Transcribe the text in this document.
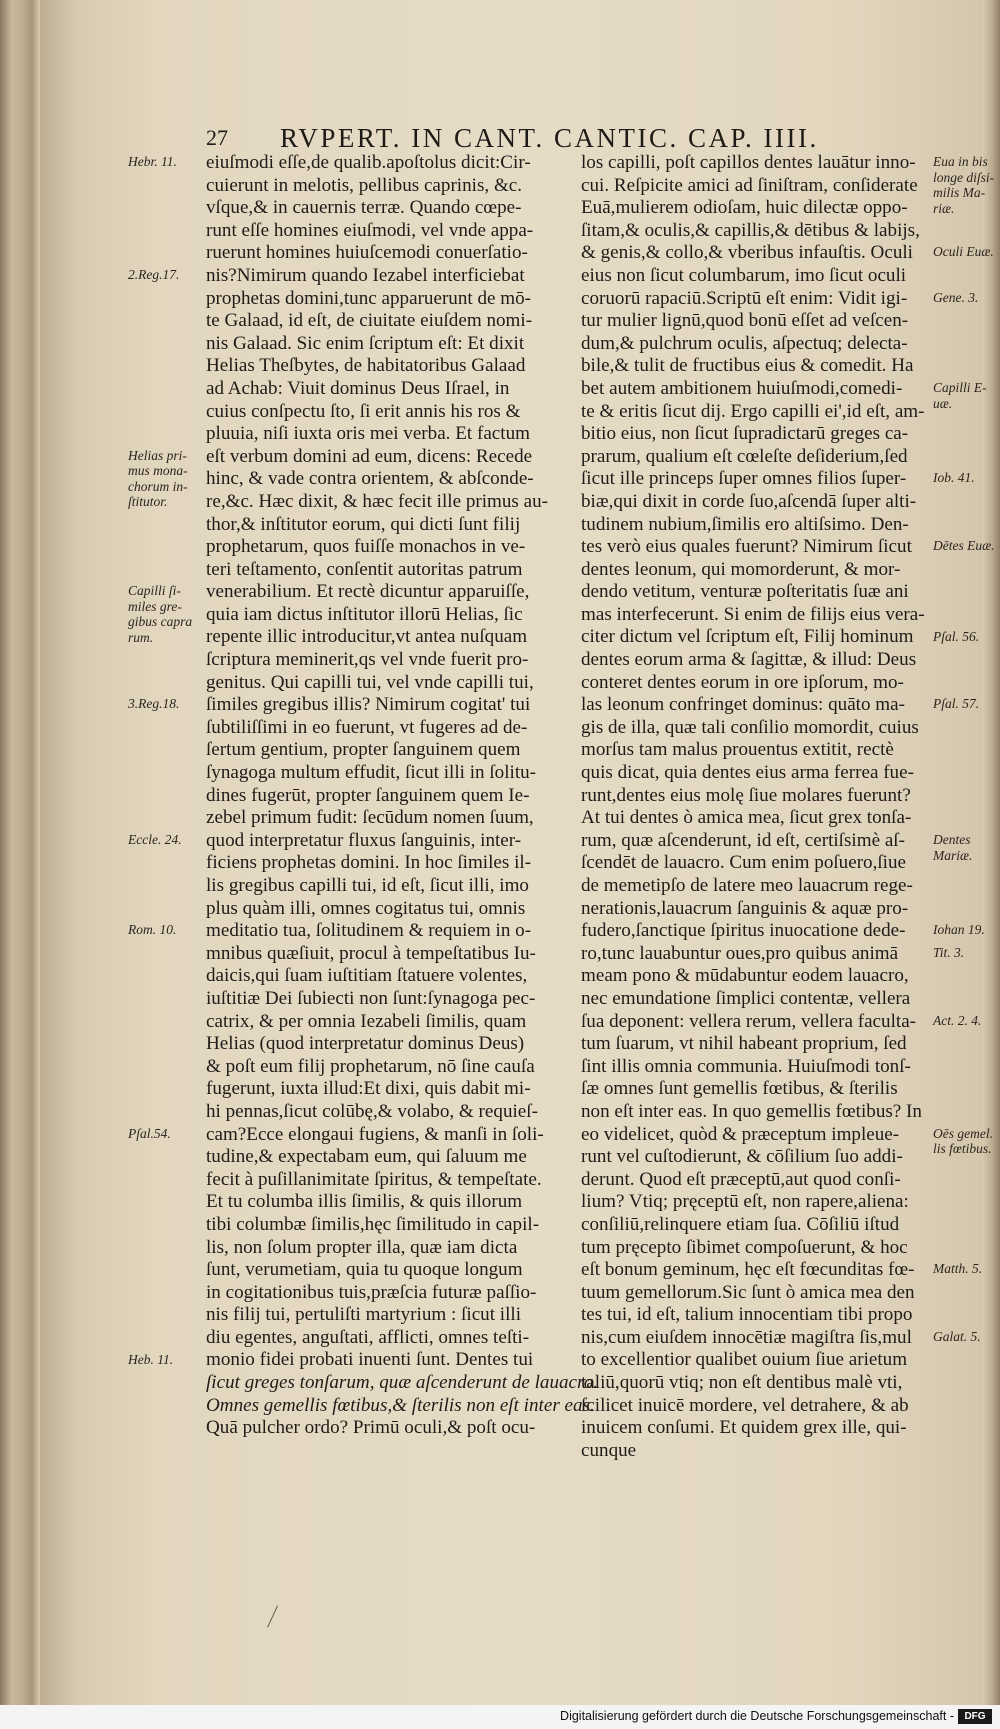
27 RVPERT. IN CANT. CANTIC. CAP. IIII.
eiuſmodi eſſe,de qualib.apoſtolus dicit:Cir-
cuierunt in melotis, pellibus caprinis, &c.
vſque,& in cauernis terræ. Quando cœpe-
runt eſſe homines eiuſmodi, vel vnde appa-
ruerunt homines huiuſcemodi conuerſatio-
nis?Nimirum quando Iezabel interficiebat
prophetas domini,tunc apparuerunt de mō-
te Galaad, id eſt, de ciuitate eiuſdem nomi-
nis Galaad. Sic enim ſcriptum eſt: Et dixit
Helias Theſbytes, de habitatoribus Galaad
ad Achab: Viuit dominus Deus Iſrael, in
cuius conſpectu ſto, ſi erit annis his ros &
pluuia, niſi iuxta oris mei verba. Et factum
eſt verbum domini ad eum, dicens: Recede
hinc, & vade contra orientem, & abſconde-
re,&c. Hæc dixit, & hæc fecit ille primus au-
thor,& inſtitutor eorum, qui dicti ſunt filij
prophetarum, quos fuiſſe monachos in ve-
teri teſtamento, conſentit autoritas patrum
venerabilium. Et rectè dicuntur apparuiſſe,
quia iam dictus inſtitutor illorū Helias, ſic
repente illic introducitur,vt antea nuſquam
ſcriptura meminerit,qs vel vnde fuerit pro-
genitus. Qui capilli tui, vel vnde capilli tui,
ſimiles gregibus illis? Nimirum cogitat' tui
ſubtiliſſimi in eo fuerunt, vt fugeres ad de-
ſertum gentium, propter ſanguinem quem
ſynagoga multum effudit, ſicut illi in ſolitu-
dines fugerūt, propter ſanguinem quem Ie-
zebel primum fudit: ſecūdum nomen ſuum,
quod interpretatur fluxus ſanguinis, inter-
ficiens prophetas domini. In hoc ſimiles il-
lis gregibus capilli tui, id eſt, ſicut illi, imo
plus quàm illi, omnes cogitatus tui, omnis
meditatio tua, ſolitudinem & requiem in o-
mnibus quæſiuit, procul à tempeſtatibus Iu-
daicis,qui ſuam iuſtitiam ſtatuere volentes,
iuſtitiæ Dei ſubiecti non ſunt:ſynagoga pec-
catrix, & per omnia Iezabeli ſimilis, quam
Helias (quod interpretatur dominus Deus)
& poſt eum filij prophetarum, nō ſine cauſa
fugerunt, iuxta illud:Et dixi, quis dabit mi-
hi pennas,ſicut colūbę,& volabo, & requieſ-
cam?Ecce elongaui fugiens, & manſi in ſoli-
tudine,& expectabam eum, qui ſaluum me
fecit à puſillanimitate ſpiritus, & tempeſtate.
Et tu columba illis ſimilis, & quis illorum
tibi columbæ ſimilis,hęc ſimilitudo in capil-
lis, non ſolum propter illa, quæ iam dicta
ſunt, verumetiam, quia tu quoque longum
in cogitationibus tuis,præſcia futuræ paſſio-
nis filij tui, pertuliſti martyrium : ſicut illi
diu egentes, anguſtati, afflicti, omnes teſti-
monio fidei probati inuenti ſunt. Dentes tui
ſicut greges tonſarum, quæ aſcenderunt de lauacro.
Omnes gemellis fœtibus,& ſterilis non eſt inter eas.
Quā pulcher ordo? Primū oculi,& poſt ocu-
los capilli, poſt capillos dentes lauātur inno-
cui. Reſpicite amici ad ſiniſtram, conſiderate
Euā,mulierem odioſam, huic dilectæ oppo-
ſitam,& oculis,& capillis,& dētibus & labijs,
& genis,& collo,& vberibus infauſtis. Oculi
eius non ſicut columbarum, imo ſicut oculi
coruorū rapaciū.Scriptū eſt enim: Vidit igi-
tur mulier lignū,quod bonū eſſet ad veſcen-
dum,& pulchrum oculis, aſpectuq; delecta-
bile,& tulit de fructibus eius & comedit. Ha
bet autem ambitionem huiuſmodi,comedi-
te & eritis ſicut dij. Ergo capilli ei',id eſt, am-
bitio eius, non ſicut ſupradictarū greges ca-
prarum, qualium eſt cœleſte deſiderium,ſed
ſicut ille princeps ſuper omnes filios ſuper-
biæ,qui dixit in corde ſuo,aſcendā ſuper alti-
tudinem nubium,ſimilis ero altiſsimo. Den-
tes verò eius quales fuerunt? Nimirum ſicut
dentes leonum, qui momorderunt, & mor-
dendo vetitum, venturæ poſteritatis ſuæ ani
mas interfecerunt. Si enim de filijs eius vera-
citer dictum vel ſcriptum eſt, Filij hominum
dentes eorum arma & ſagittæ, & illud: Deus
conteret dentes eorum in ore ipſorum, mo-
las leonum confringet dominus: quāto ma-
gis de illa, quæ tali conſilio momordit, cuius
morſus tam malus prouentus extitit, rectè
quis dicat, quia dentes eius arma ferrea fue-
runt,dentes eius molę ſiue molares fuerunt?
At tui dentes ò amica mea, ſicut grex tonſa-
rum, quæ aſcenderunt, id eſt, certiſsimè aſ-
ſcendēt de lauacro. Cum enim poſuero,ſiue
de memetipſo de latere meo lauacrum rege-
nerationis,lauacrum ſanguinis & aquæ pro-
fudero,ſanctique ſpiritus inuocatione dede-
ro,tunc lauabuntur oues,pro quibus animā
meam pono & mūdabuntur eodem lauacro,
nec emundatione ſimplici contentæ, vellera
ſua deponent: vellera rerum, vellera faculta-
tum ſuarum, vt nihil habeant proprium, ſed
ſint illis omnia communia. Huiuſmodi tonſ-
ſæ omnes ſunt gemellis fœtibus, & ſterilis
non eſt inter eas. In quo gemellis fœtibus? In
eo videlicet, quòd & præceptum impleue-
runt vel cuſtodierunt, & cōſilium ſuo addi-
derunt. Quod eſt præceptū,aut quod conſi-
lium? Vtiq; pręceptū eſt, non rapere,aliena:
conſiliū,relinquere etiam ſua. Cōſiliū iſtud
tum pręcepto ſibimet compoſuerunt, & hoc
eſt bonum geminum, hęc eſt fœcunditas fœ-
tuum gemellorum.Sic ſunt ò amica mea den
tes tui, id eſt, talium innocentiam tibi propo
nis,cum eiuſdem innocētiæ magiſtra ſis,mul
to excellentior qualibet ouium ſiue arietum
taliū,quorū vtiq; non eſt dentibus malè vti,
ſcilicet inuicē mordere, vel detrahere, & ab
inuicem conſumi. Et quidem grex ille, qui-
cunque
Hebr. 11.
2.Reg.17.
Helias pri-
mus mona-
chorum in-
ſtitutor.
Capilli ſi-
miles gre-
gibus capra
rum.
3.Reg.18.
Eccle. 24.
Rom. 10.
Pſal.54.
Heb. 11.
Eua in bis
longe diſsi-
milis Ma-
riæ.
Oculi Euæ.
Gene. 3.
Capilli E-
uæ.
Iob. 41.
Dētes Euæ.
Pſal. 56.
Pſal. 57.
Dentes
Mariæ.
Iohan 19.
Tit. 3.
Act. 2. 4.
Oēs gemel.
lis fœtibus.
Matth. 5.
Galat. 5.
Digitalisierung gefördert durch die Deutsche Forschungsgemeinschaft -	DFG
